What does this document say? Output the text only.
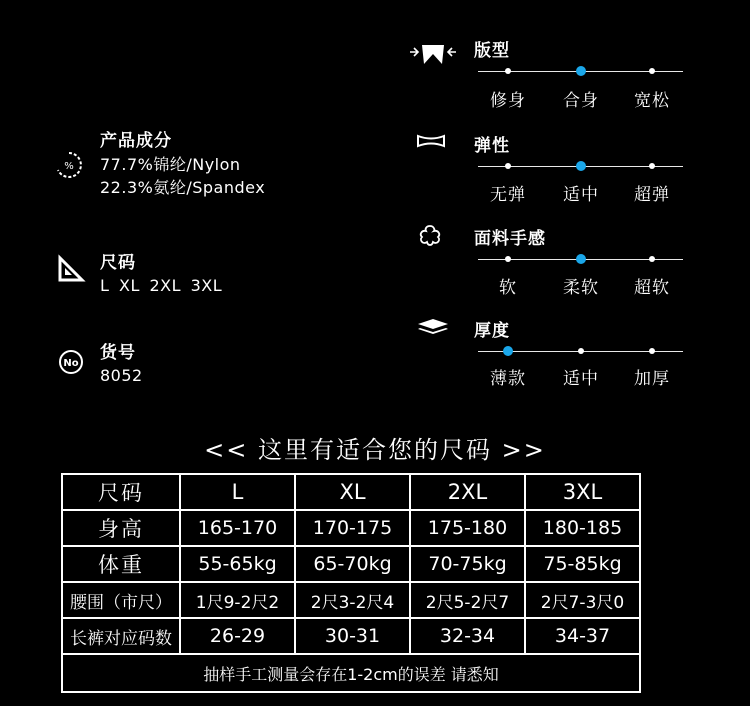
%
产品成分
77.7%锦纶/Nylon
22.3%氨纶/Spandex
尺码
L XL 2XL 3XL
No
货号
8052
版型
修身	合身	宽松
弹性
无弹	适中	超弹
面料手感
软	柔软	超软
厚度
薄款	适中	加厚
<< 这里有适合您的尺码 >>
尺码	L	XL	2XL	3XL
身高	165-170	170-175	175-180	180-185
体重	55-65kg	65-70kg	70-75kg	75-85kg
腰围（市尺）	1尺9-2尺2	2尺3-2尺4	2尺5-2尺7	2尺7-3尺0
长裤对应码数	26-29	30-31	32-34	34-37
抽样手工测量会存在1-2cm的误差 请悉知				
